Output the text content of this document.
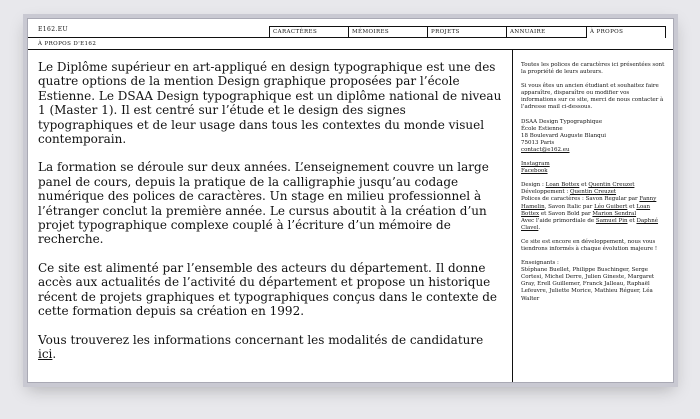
E162.EU	CARACTÈRES	MÉMOIRES	PROJETS	ANNUAIRE	À PROPOS
À PROPOS D'E162

Le Diplôme supérieur en art-appliqué en design typographique est une des quatre options de la mention Design graphique proposées par l’école Estienne. Le DSAA Design typographique est un diplôme national de niveau 1 (Master 1). Il est centré sur l’étude et le design des signes typographiques et de leur usage dans tous les contextes du monde visuel contemporain.

La formation se déroule sur deux années. L’enseignement couvre un large panel de cours, depuis la pratique de la calligraphie jusqu’au codage numérique des polices de caractères. Un stage en milieu professionnel à l’étranger conclut la première année. Le cursus aboutit à la création d’un projet typographique complexe couplé à l’écriture d’un mémoire de recherche.

Ce site est alimenté par l’ensemble des acteurs du département. Il donne accès aux actualités de l’activité du département et propose un historique récent de projets graphiques et typographiques conçus dans le contexte de cette formation depuis sa création en 1992.

Vous trouverez les informations concernant les modalités de candidature ici.

Toutes les polices de caractères ici présentées sont la propriété de leurs auteurs.

Si vous êtes un ancien étudiant et souhaitez faire apparaître, disparaître ou modifier vos informations sur ce site, merci de nous contacter à l’adresse mail ci-dessous.

DSAA Design Typographique
École Estienne
18 Boulevard Auguste Blanqui
75013 Paris
contact@e162.eu

Instagram
Facebook

Design : Loan Bottex et Quentin Creuzet
Développement : Quentin Creuzet
Polices de caractères : Savon Regular par Fanny Hamelin, Savon Italic par Léo Guibert et Loan Bottex et Savon Bold par Marion Sendral
Avec l’aide primordiale de Samuel Pin et Daphné Clavel.

Ce site est encore en développement, nous vous tiendrons informés à chaque évolution majeure !

Enseignants :
Stéphane Buellet, Philippe Buschinger, Serge Cortesi, Michel Derre, Julien Gineste, Margaret Gray, Erell Guillemer, Franck Jalleau, Raphaël Lefeuvre, Juliette Morice, Mathieu Réguer, Léa Walter
